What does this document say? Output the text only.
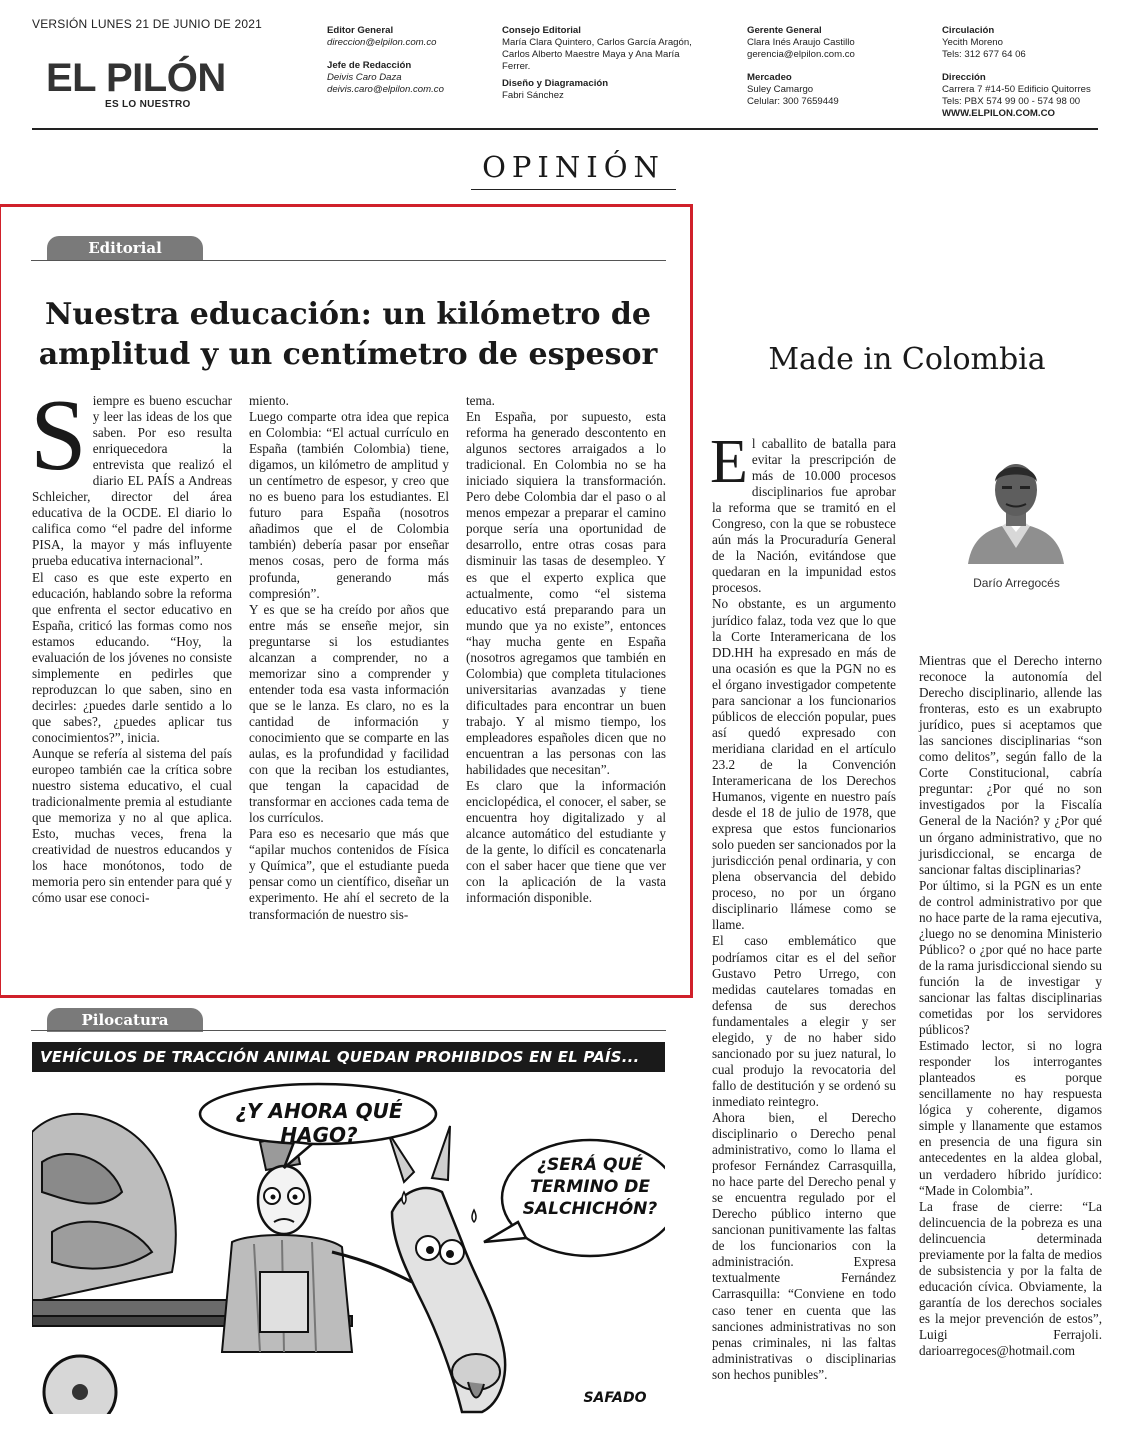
VERSIÓN LUNES 21 DE JUNIO DE 2021
EL PILÓN
ES LO NUESTRO
Editor General
direccion@elpilon.com.co
Jefe de Redacción
Deivis Caro Daza
deivis.caro@elpilon.com.co
Consejo Editorial
María Clara Quintero, Carlos García Aragón,
Carlos Alberto Maestre Maya y Ana María
Ferrer.
Diseño y Diagramación
Fabri Sánchez
Gerente General
Clara Inés Araujo Castillo
gerencia@elpilon.com.co
Mercadeo
Suley Camargo
Celular: 300 7659449
Circulación
Yecith Moreno
Tels: 312 677 64 06
Dirección
Carrera 7 #14-50 Edificio Quitorres
Tels: PBX 574 99 00 - 574 98 00
WWW.ELPILON.COM.CO
OPINIÓN
Editorial
Nuestra educación: un kilómetro de amplitud y un centímetro de espesor
S iempre es bueno escuchar y leer las ideas de los que saben. Por eso resulta enriquecedora la entrevista que realizó el diario EL PAÍS a Andreas Schleicher, director del área educativa de la OCDE. El diario lo califica como “el padre del informe PISA, la mayor y más influyente prueba educativa internacional”.

El caso es que este experto en educación, hablando sobre la reforma que enfrenta el sector educativo en España, criticó las formas como nos estamos educando. “Hoy, la evaluación de los jóvenes no consiste simplemente en pedirles que reproduzcan lo que saben, sino en decirles: ¿puedes darle sentido a lo que sabes?, ¿puedes aplicar tus conocimientos?”, inicia.

Aunque se refería al sistema del país europeo también cae la crítica sobre nuestro sistema educativo, el cual tradicionalmente premia al estudiante que memoriza y no al que aplica. Esto, muchas veces, frena la creatividad de nuestros educandos y los hace monótonos, todo de memoria pero sin entender para qué y cómo usar ese conoci-

miento.

Luego comparte otra idea que repica en Colombia: “El actual currículo en España (también Colombia) tiene, digamos, un kilómetro de amplitud y un centímetro de espesor, y creo que no es bueno para los estudiantes. El futuro para España (nosotros añadimos que el de Colombia también) debería pasar por enseñar menos cosas, pero de forma más profunda, generando más compresión”.

Y es que se ha creído por años que entre más se enseñe mejor, sin preguntarse si los estudiantes alcanzan a comprender, no a memorizar sino a comprender y entender toda esa vasta información que se le lanza. Es claro, no es la cantidad de información y conocimiento que se comparte en las aulas, es la profundidad y facilidad con que la reciban los estudiantes, que tengan la capacidad de transformar en acciones cada tema de los currículos.

Para eso es necesario que más que “apilar muchos contenidos de Física y Química”, que el estudiante pueda pensar como un científico, diseñar un experimento. He ahí el secreto de la transformación de nuestro sis-

tema.

En España, por supuesto, esta reforma ha generado descontento en algunos sectores arraigados a lo tradicional. En Colombia no se ha iniciado siquiera la transformación. Pero debe Colombia dar el paso o al menos empezar a preparar el camino porque sería una oportunidad de desarrollo, entre otras cosas para disminuir las tasas de desempleo. Y es que el experto explica que actualmente, como “el sistema educativo está preparando para un mundo que ya no existe”, entonces “hay mucha gente en España (nosotros agregamos que también en Colombia) que completa titulaciones universitarias avanzadas y tiene dificultades para encontrar un buen trabajo. Y al mismo tiempo, los empleadores españoles dicen que no encuentran a las personas con las habilidades que necesitan”.

Es claro que la información enciclopédica, el conocer, el saber, se encuentra hoy digitalizado y al alcance automático del estudiante y de la gente, lo difícil es concatenarla con el saber hacer que tiene que ver con la aplicación de la vasta información disponible.

Made in Colombia
Darío Arregocés
E l caballito de batalla para evitar la prescripción de más de 10.000 procesos disciplinarios fue aprobar la reforma que se tramitó en el Congreso, con la que se robustece aún más la Procuraduría General de la Nación, evitándose que quedaran en la impunidad estos procesos.

No obstante, es un argumento jurídico falaz, toda vez que lo que la Corte Interamericana de los DD.HH ha expresado en más de una ocasión es que la PGN no es el órgano investigador competente para sancionar a los funcionarios públicos de elección popular, pues así quedó expresado con meridiana claridad en el artículo 23.2 de la Convención Interamericana de los Derechos Humanos, vigente en nuestro país desde el 18 de julio de 1978, que expresa que estos funcionarios solo pueden ser sancionados por la jurisdicción penal ordinaria, y con plena observancia del debido proceso, no por un órgano disciplinario llámese como se llame.

El caso emblemático que podríamos citar es el del señor Gustavo Petro Urrego, con medidas cautelares tomadas en defensa de sus derechos fundamentales a elegir y ser elegido, y de no haber sido sancionado por su juez natural, lo cual produjo la revocatoria del fallo de destitución y se ordenó su inmediato reintegro.

Ahora bien, el Derecho disciplinario o Derecho penal administrativo, como lo llama el profesor Fernández Carrasquilla, no hace parte del Derecho penal y se encuentra regulado por el Derecho público interno que sancionan punitivamente las faltas de los funcionarios con la administración. Expresa textualmente Fernández Carrasquilla: “Conviene en todo caso tener en cuenta que las sanciones administrativas no son penas criminales, ni las faltas administrativas o disciplinarias son hechos punibles”.

Mientras que el Derecho interno reconoce la autonomía del Derecho disciplinario, allende las fronteras, esto es un exabrupto jurídico, pues si aceptamos que las sanciones disciplinarias “son como delitos”, según fallo de la Corte Constitucional, cabría preguntar: ¿Por qué no son investigados por la Fiscalía General de la Nación? y ¿Por qué un órgano administrativo, que no jurisdiccional, se encarga de sancionar faltas disciplinarias?

Por último, si la PGN es un ente de control administrativo por que no hace parte de la rama ejecutiva, ¿luego no se denomina Ministerio Público? o ¿por qué no hace parte de la rama jurisdiccional siendo su función la de investigar y sancionar las faltas disciplinarias cometidas por los servidores públicos?

Estimado lector, si no logra responder los interrogantes planteados es porque sencillamente no hay respuesta lógica y coherente, digamos simple y llanamente que estamos en presencia de una figura sin antecedentes en la aldea global, un verdadero híbrido jurídico: “Made in Colombia”.

La frase de cierre: “La delincuencia de la pobreza es una delincuencia determinada previamente por la falta de medios de subsistencia y por la falta de educación cívica. Obviamente, la garantía de los derechos sociales es la mejor prevención de estos”, Luigi Ferrajoli. darioarregoces@hotmail.com

Pilocatura
VEHÍCULOS DE TRACCIÓN ANIMAL QUEDAN PROHIBIDOS EN EL PAÍS...
¿Y AHORA QUÉ HAGO?
¿SERÁ QUÉ
TERMINO DE
SALCHICHÓN?
SAFADO
